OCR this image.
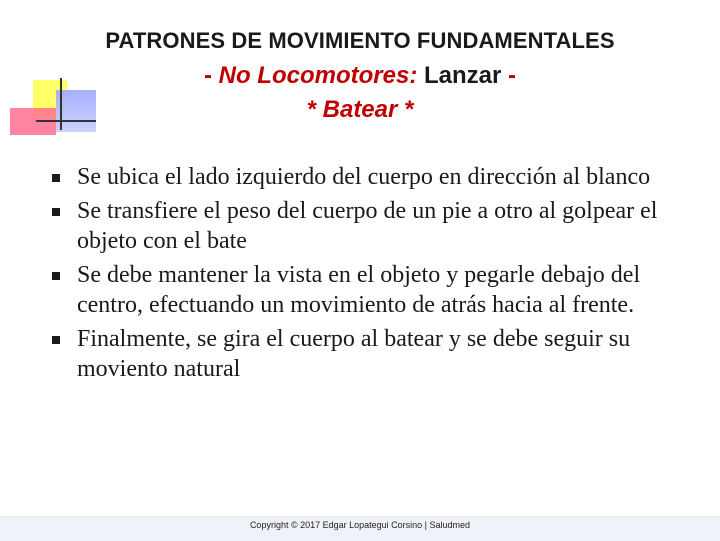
PATRONES DE MOVIMIENTO FUNDAMENTALES
- No Locomotores: Lanzar -
* Batear *
Se ubica el lado izquierdo del cuerpo en dirección al blanco
Se transfiere el peso del cuerpo de un pie a otro al golpear el objeto con el bate
Se debe mantener la vista en el objeto y pegarle debajo del centro, efectuando un movimiento de atrás hacia al frente.
Finalmente, se gira el cuerpo al batear y se debe seguir su moviento natural
Copyright © 2017 Edgar Lopategui Corsino | Saludmed
